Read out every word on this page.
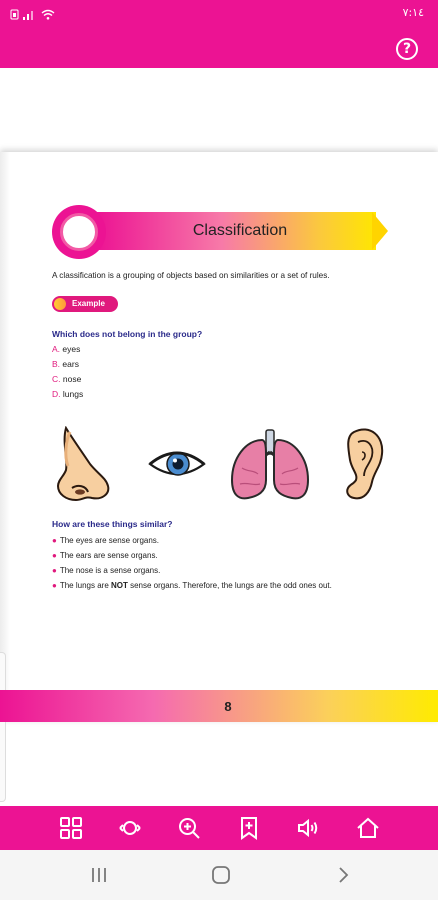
٧:١٤
?
Classification
A classification is a grouping of objects based on similarities or a set of rules.
Example
Which does not belong in the group?
A. eyes
B. ears
C. nose
D. lungs
How are these things similar?
● The eyes are sense organs.
● The ears are sense organs.
● The nose is a sense organs.
● The lungs are NOT sense organs. Therefore, the lungs are the odd ones out.
8
